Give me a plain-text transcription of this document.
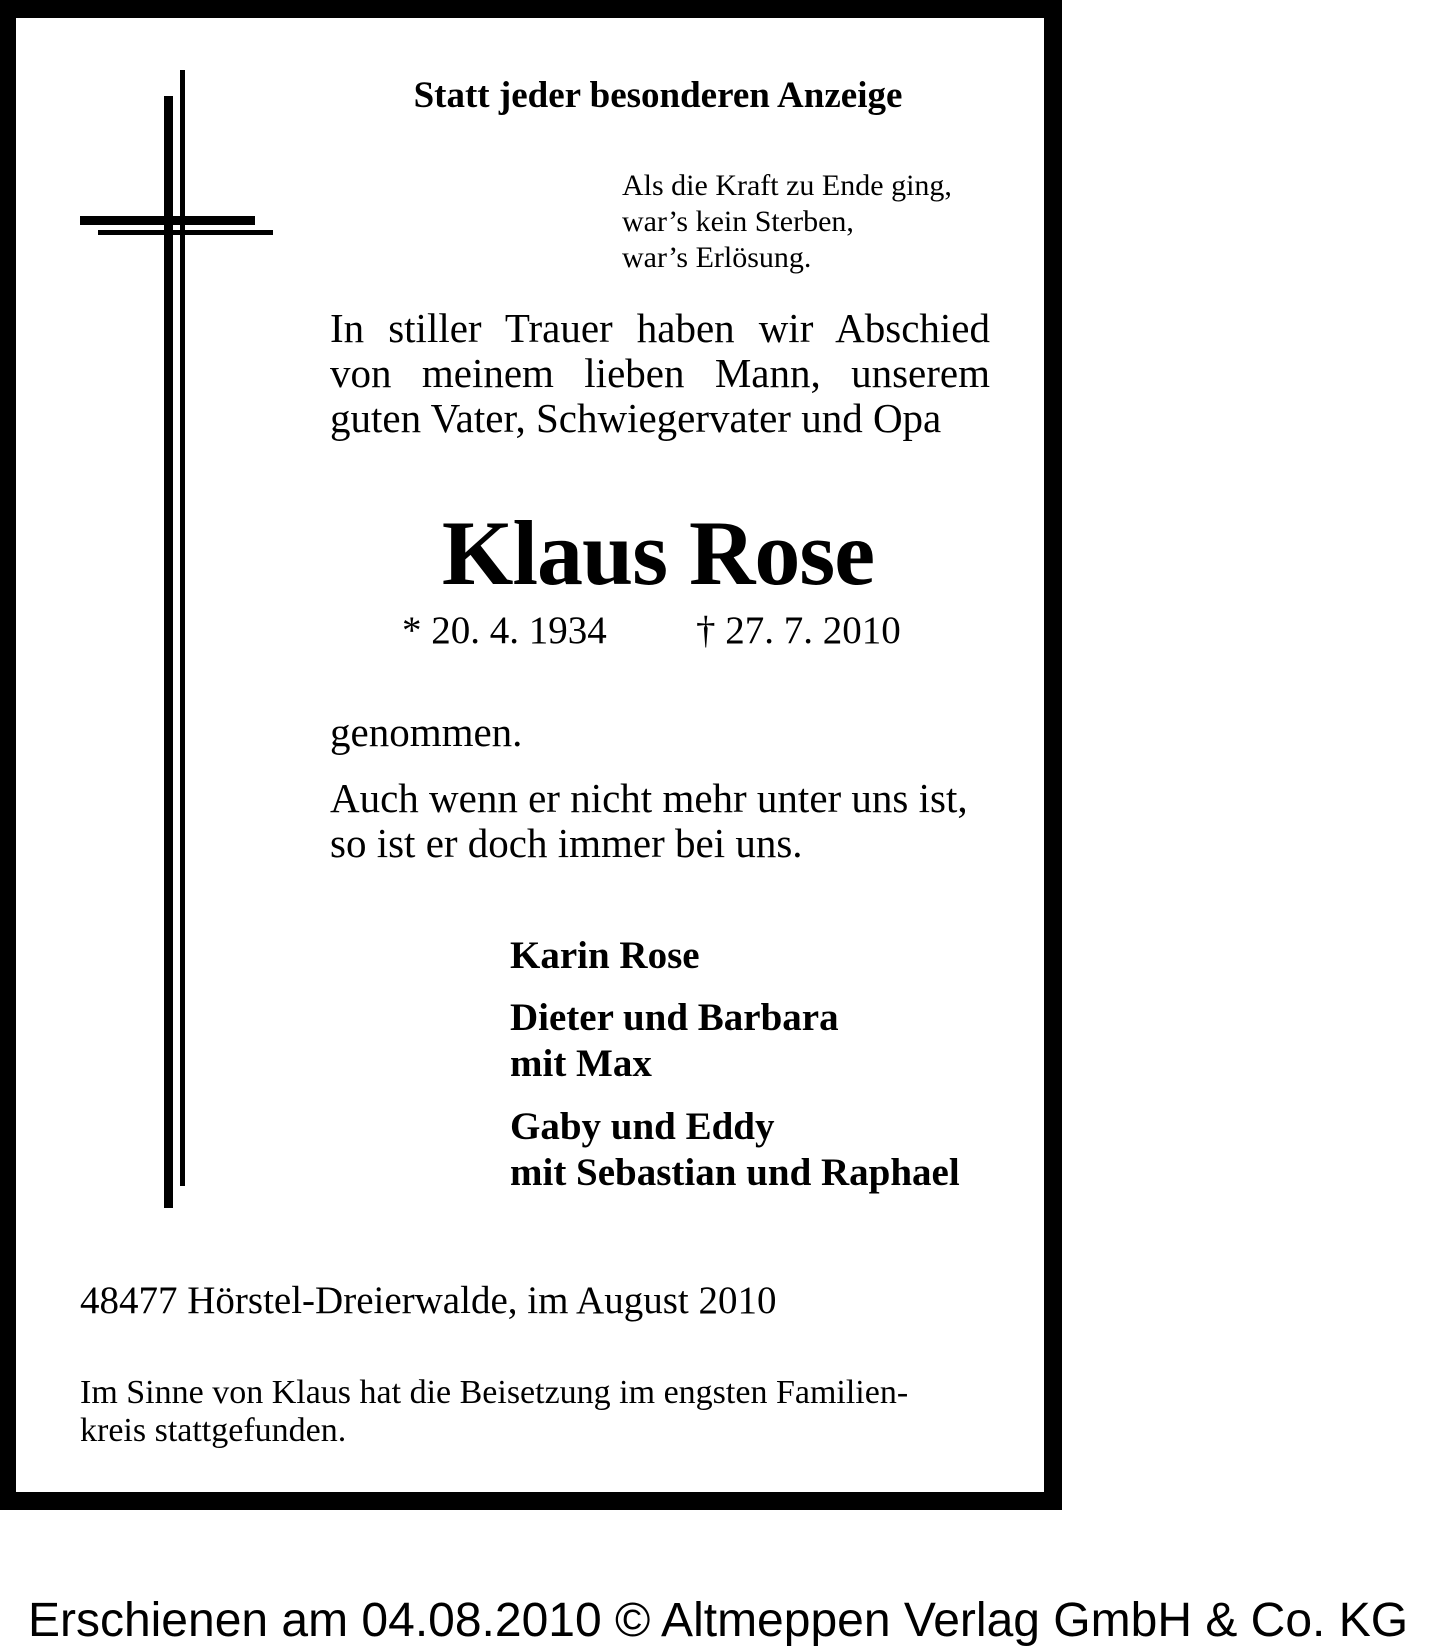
Statt jeder besonderen Anzeige
Als die Kraft zu Ende ging,
war’s kein Sterben,
war’s Erlösung.
In stiller Trauer haben wir Abschied
von meinem lieben Mann, unserem
guten Vater, Schwiegervater und Opa
Klaus Rose
* 20. 4. 1934 † 27. 7. 2010
genommen.
Auch wenn er nicht mehr unter uns ist,
so ist er doch immer bei uns.
Karin Rose
Dieter und Barbara
mit Max
Gaby und Eddy
mit Sebastian und Raphael
48477 Hörstel-Dreierwalde, im August 2010
Im Sinne von Klaus hat die Beisetzung im engsten Familien-
kreis stattgefunden.
Erschienen am 04.08.2010 © Altmeppen Verlag GmbH & Co. KG
